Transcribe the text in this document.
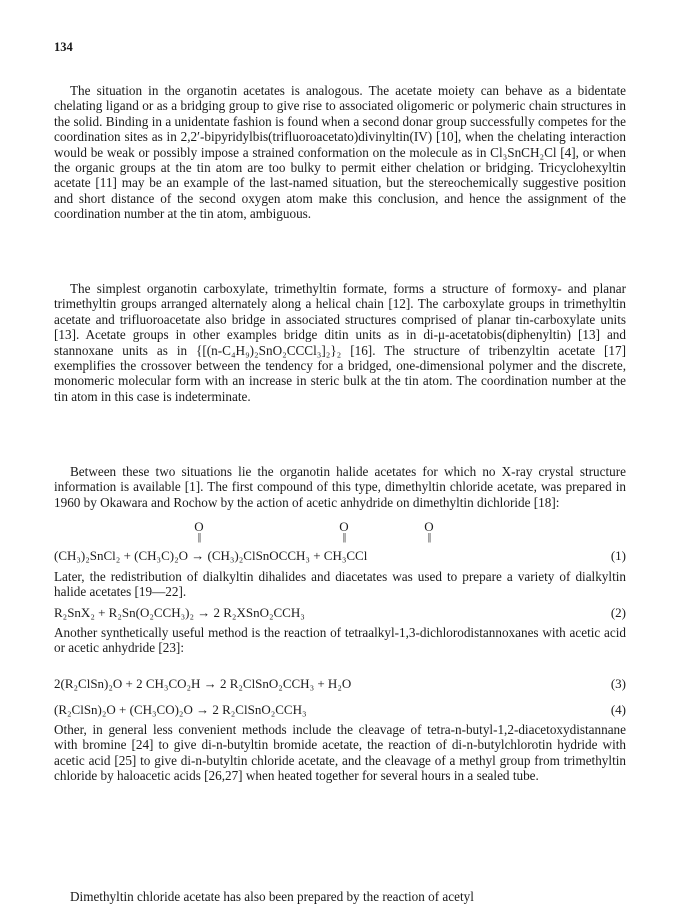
134
The situation in the organotin acetates is analogous. The acetate moiety can behave as a bidentate chelating ligand or as a bridging group to give rise to associated oligomeric or polymeric chain structures in the solid. Binding in a unidentate fashion is found when a second donar group successfully competes for the coordination sites as in 2,2′-bipyridylbis(trifluoroacetato)divinyltin(IV) [10], when the chelating interaction would be weak or possibly impose a strained conformation on the molecule as in Cl₃SnCH₂Cl [4], or when the organic groups at the tin atom are too bulky to permit either chelation or bridging. Tricyclohexyltin acetate [11] may be an example of the last-named situation, but the stereochemically suggestive position and short distance of the second oxygen atom make this conclusion, and hence the assignment of the coordination number at the tin atom, ambiguous.
The simplest organotin carboxylate, trimethyltin formate, forms a structure of formoxy- and planar trimethyltin groups arranged alternately along a helical chain [12]. The carboxylate groups in trimethyltin acetate and trifluoroacetate also bridge in associated structures comprised of planar tin-carboxylate units [13]. Acetate groups in other examples bridge ditin units as in di-μ-acetatobis(diphenyltin) [13] and stannoxane units as in {[(n-C₄H₉)₂SnO₂CCCl₃]₂}₂ [16]. The structure of tribenzyltin acetate [17] exemplifies the crossover between the tendency for a bridged, one-dimensional polymer and the discrete, monomeric molecular form with an increase in steric bulk at the tin atom. The coordination number at the tin atom in this case is indeterminate.
Between these two situations lie the organotin halide acetates for which no X-ray crystal structure information is available [1]. The first compound of this type, dimethyltin chloride acetate, was prepared in 1960 by Okawara and Rochow by the action of acetic anhydride on dimethyltin dichloride [18]:
O
||
O
||
O
||
(CH₃)₂SnCl₂ + (CH₃C)₂O → (CH₃)₂ClSnOCCH₃ + CH₃CCl	(1)
Later, the redistribution of dialkyltin dihalides and diacetates was used to prepare a variety of dialkyltin halide acetates [19—22].
R₂SnX₂ + R₂Sn(O₂CCH₃)₂ → 2 R₂XSnO₂CCH₃	(2)
Another synthetically useful method is the reaction of tetraalkyl-1,3-dichlorodistannoxanes with acetic acid or acetic anhydride [23]:
2(R₂ClSn)₂O + 2 CH₃CO₂H → 2 R₂ClSnO₂CCH₃ + H₂O	(3)
(R₂ClSn)₂O + (CH₃CO)₂O → 2 R₂ClSnO₂CCH₃	(4)
Other, in general less convenient methods include the cleavage of tetra-n-butyl-1,2-diacetoxydistannane with bromine [24] to give di-n-butyltin bromide acetate, the reaction of di-n-butylchlorotin hydride with acetic acid [25] to give di-n-butyltin chloride acetate, and the cleavage of a methyl group from trimethyltin chloride by haloacetic acids [26,27] when heated together for several hours in a sealed tube.
Dimethyltin chloride acetate has also been prepared by the reaction of acetyl
